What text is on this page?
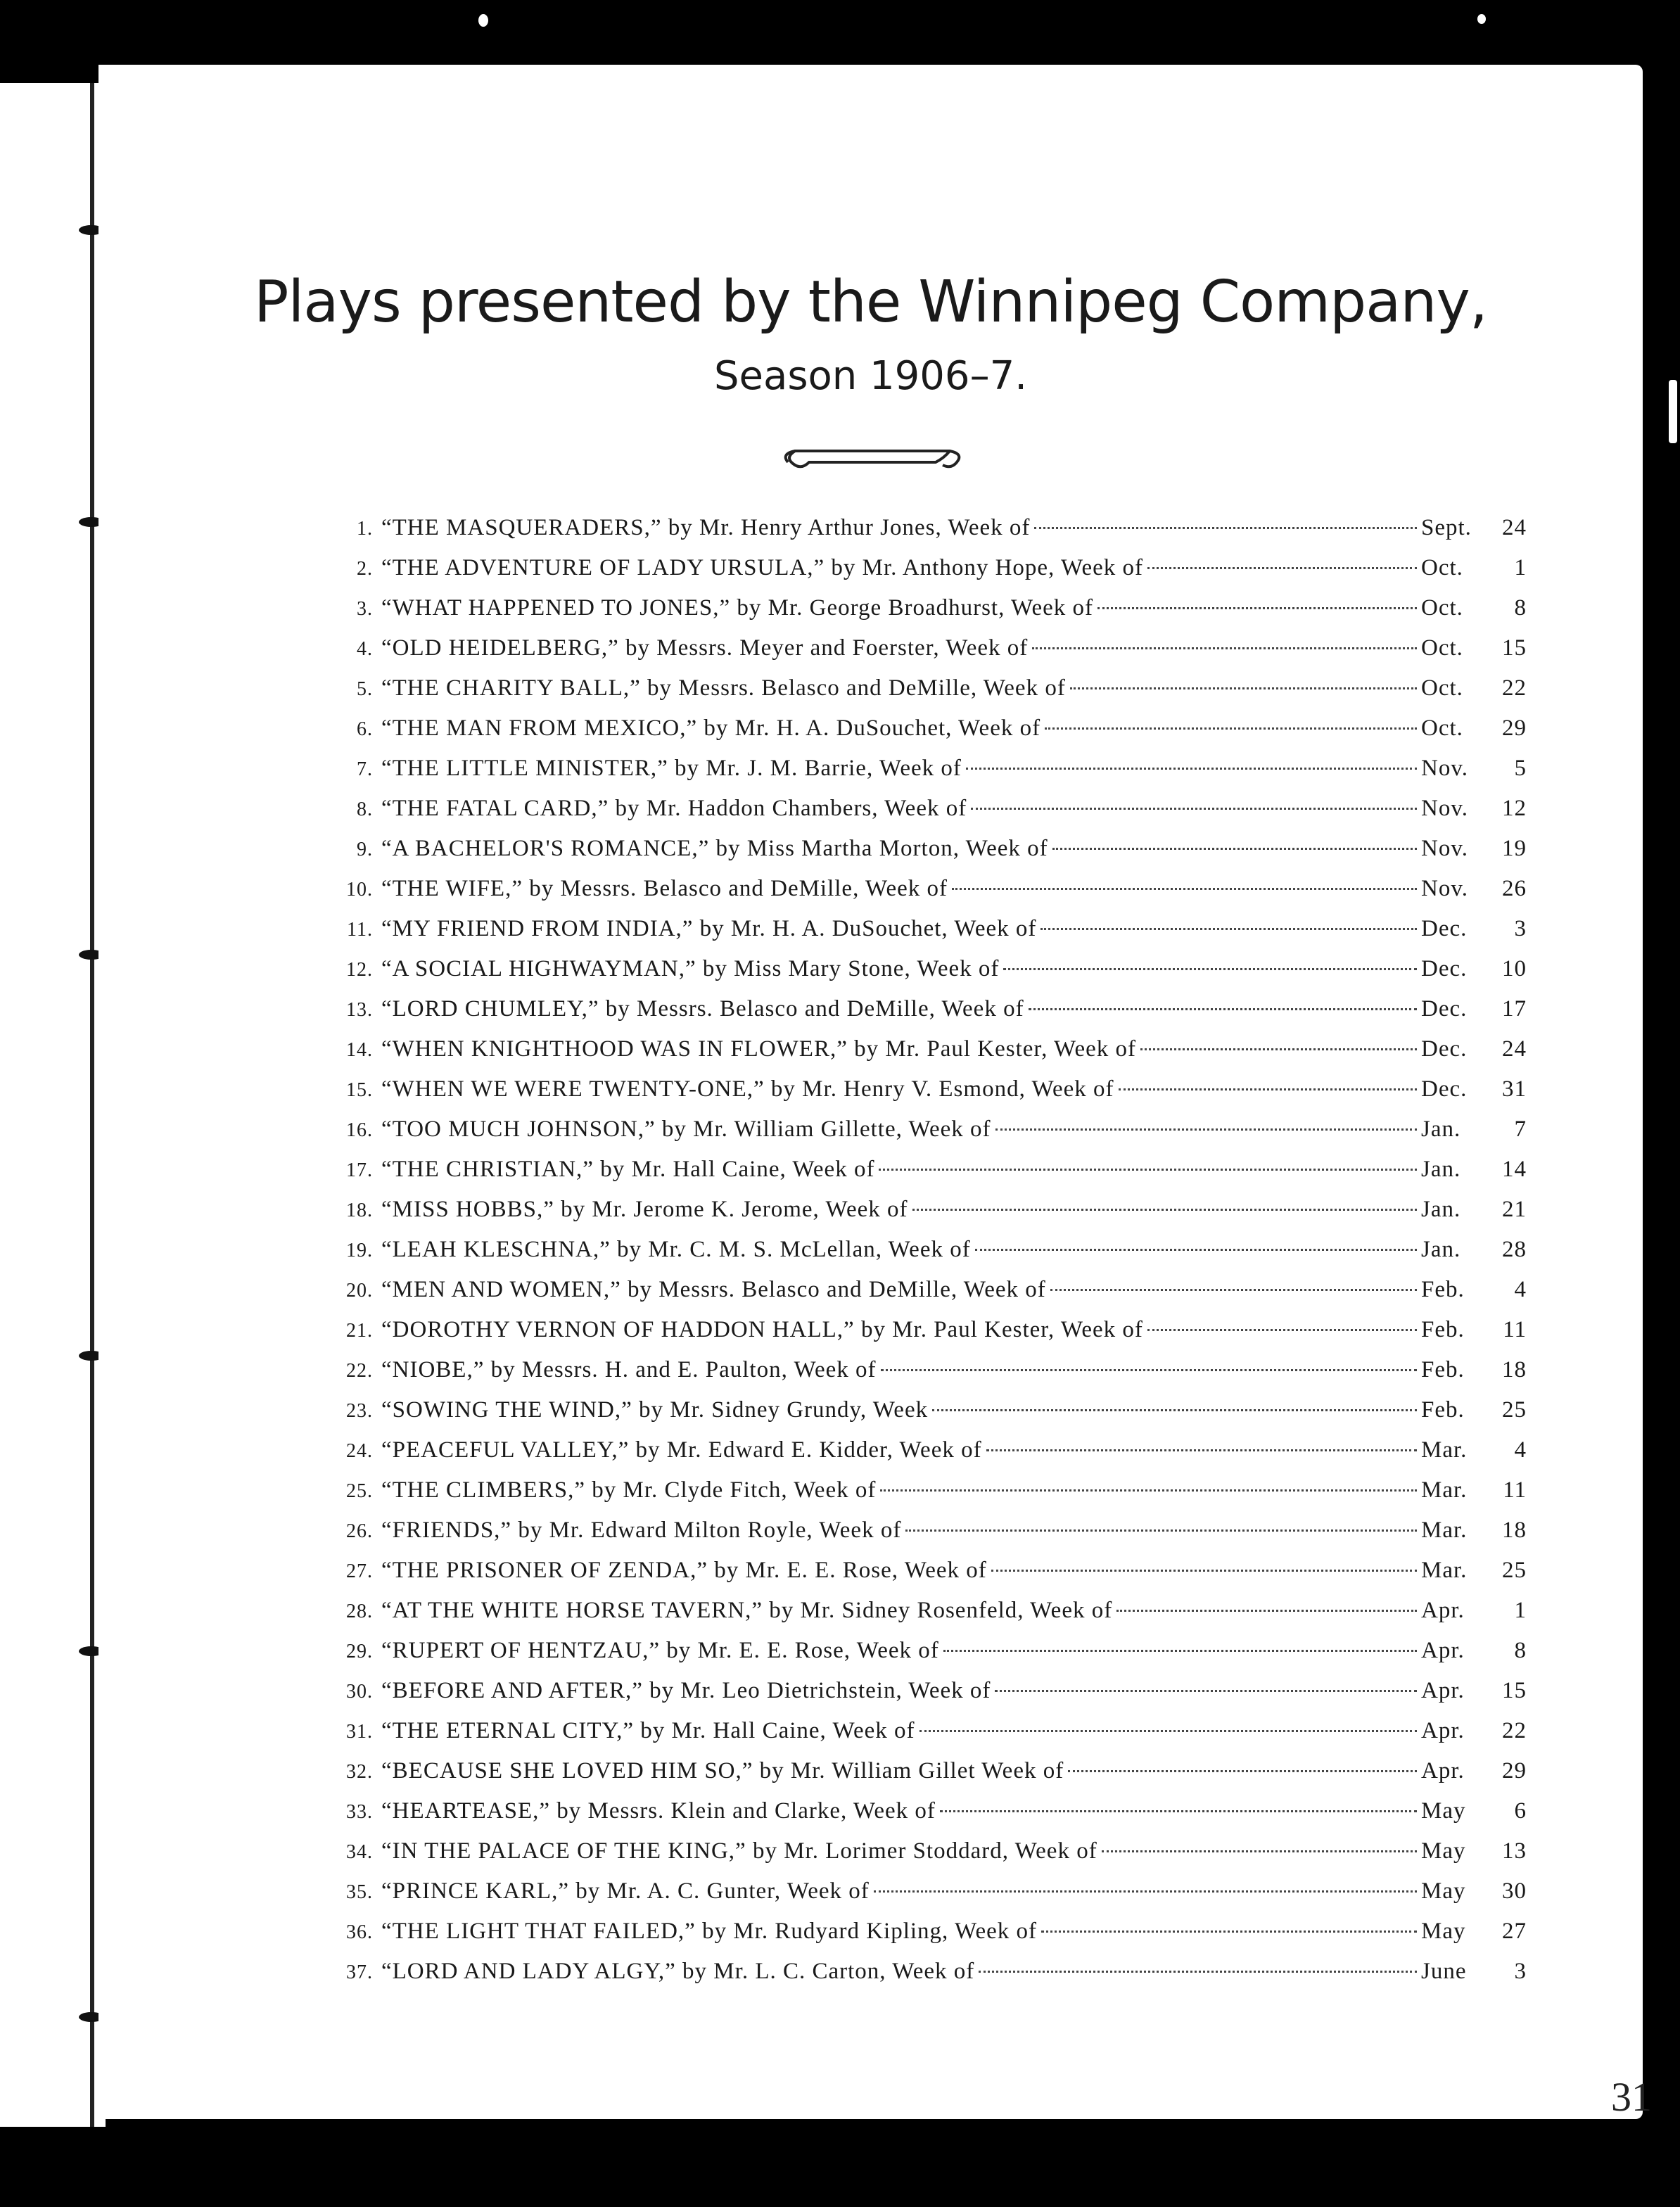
Plays presented by the Winnipeg Company,
Season 1906–7.
1. “THE MASQUERADERS,” by Mr. Henry Arthur Jones, Week of	Sept. 24
2. “THE ADVENTURE OF LADY URSULA,” by Mr. Anthony Hope, Week of	Oct. 1
3. “WHAT HAPPENED TO JONES,” by Mr. George Broadhurst, Week of	Oct. 8
4. “OLD HEIDELBERG,” by Messrs. Meyer and Foerster, Week of	Oct. 15
5. “THE CHARITY BALL,” by Messrs. Belasco and DeMille, Week of	Oct. 22
6. “THE MAN FROM MEXICO,” by Mr. H. A. DuSouchet, Week of	Oct. 29
7. “THE LITTLE MINISTER,” by Mr. J. M. Barrie, Week of	Nov. 5
8. “THE FATAL CARD,” by Mr. Haddon Chambers, Week of	Nov. 12
9. “A BACHELOR'S ROMANCE,” by Miss Martha Morton, Week of	Nov. 19
10. “THE WIFE,” by Messrs. Belasco and DeMille, Week of	Nov. 26
11. “MY FRIEND FROM INDIA,” by Mr. H. A. DuSouchet, Week of	Dec. 3
12. “A SOCIAL HIGHWAYMAN,” by Miss Mary Stone, Week of	Dec. 10
13. “LORD CHUMLEY,” by Messrs. Belasco and DeMille, Week of	Dec. 17
14. “WHEN KNIGHTHOOD WAS IN FLOWER,” by Mr. Paul Kester, Week of	Dec. 24
15. “WHEN WE WERE TWENTY-ONE,” by Mr. Henry V. Esmond, Week of	Dec. 31
16. “TOO MUCH JOHNSON,” by Mr. William Gillette, Week of	Jan. 7
17. “THE CHRISTIAN,” by Mr. Hall Caine, Week of	Jan. 14
18. “MISS HOBBS,” by Mr. Jerome K. Jerome, Week of	Jan. 21
19. “LEAH KLESCHNA,” by Mr. C. M. S. McLellan, Week of	Jan. 28
20. “MEN AND WOMEN,” by Messrs. Belasco and DeMille, Week of	Feb. 4
21. “DOROTHY VERNON OF HADDON HALL,” by Mr. Paul Kester, Week of	Feb. 11
22. “NIOBE,” by Messrs. H. and E. Paulton, Week of	Feb. 18
23. “SOWING THE WIND,” by Mr. Sidney Grundy, Week	Feb. 25
24. “PEACEFUL VALLEY,” by Mr. Edward E. Kidder, Week of	Mar. 4
25. “THE CLIMBERS,” by Mr. Clyde Fitch, Week of	Mar. 11
26. “FRIENDS,” by Mr. Edward Milton Royle, Week of	Mar. 18
27. “THE PRISONER OF ZENDA,” by Mr. E. E. Rose, Week of	Mar. 25
28. “AT THE WHITE HORSE TAVERN,” by Mr. Sidney Rosenfeld, Week of	Apr. 1
29. “RUPERT OF HENTZAU,” by Mr. E. E. Rose, Week of	Apr. 8
30. “BEFORE AND AFTER,” by Mr. Leo Dietrichstein, Week of	Apr. 15
31. “THE ETERNAL CITY,” by Mr. Hall Caine, Week of	Apr. 22
32. “BECAUSE SHE LOVED HIM SO,” by Mr. William Gillet Week of	Apr. 29
33. “HEARTEASE,” by Messrs. Klein and Clarke, Week of	May 6
34. “IN THE PALACE OF THE KING,” by Mr. Lorimer Stoddard, Week of	May 13
35. “PRINCE KARL,” by Mr. A. C. Gunter, Week of	May 30
36. “THE LIGHT THAT FAILED,” by Mr. Rudyard Kipling, Week of	May 27
37. “LORD AND LADY ALGY,” by Mr. L. C. Carton, Week of	June 3
31
